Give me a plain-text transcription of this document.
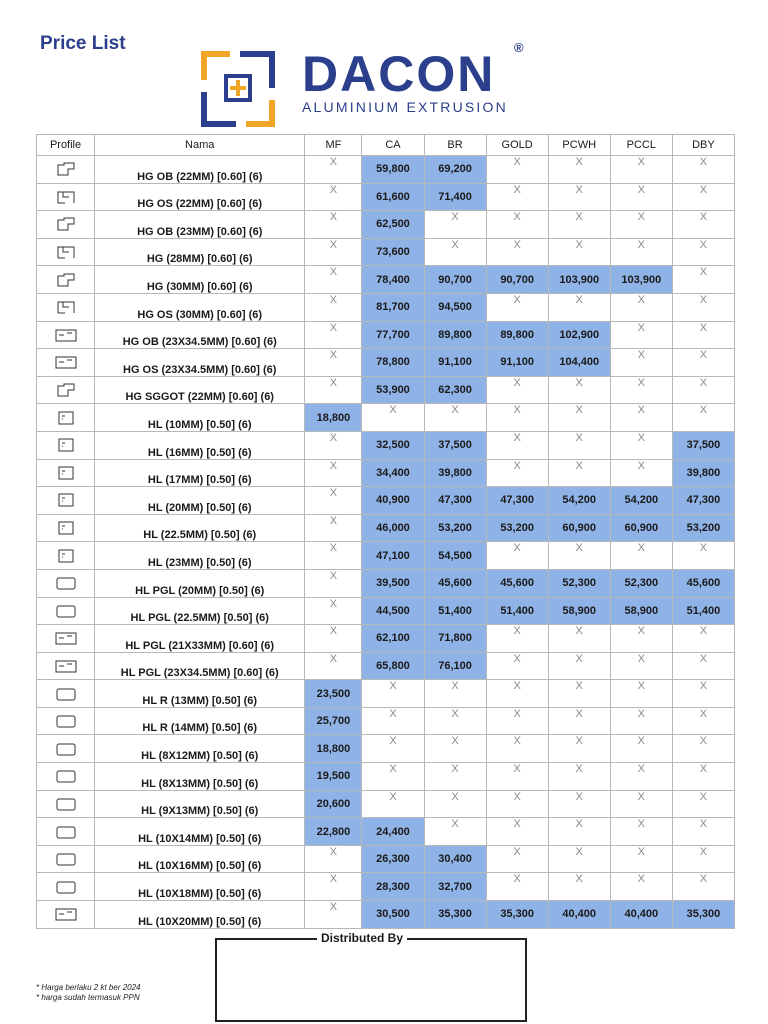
Price List
DACON ®
ALUMINIUM EXTRUSION
Profile	Nama	MF	CA	BR	GOLD	PCWH	PCCL	DBY
	HG OB (22MM) [0.60] (6)	X	59,800	69,200	X	X	X	X
	HG OS (22MM) [0.60] (6)	X	61,600	71,400	X	X	X	X
	HG OB (23MM) [0.60] (6)	X	62,500	X	X	X	X	X
	HG (28MM) [0.60] (6)	X	73,600	X	X	X	X	X
	HG (30MM) [0.60] (6)	X	78,400	90,700	90,700	103,900	103,900	X
	HG OS (30MM) [0.60] (6)	X	81,700	94,500	X	X	X	X
	HG OB (23X34.5MM) [0.60] (6)	X	77,700	89,800	89,800	102,900	X	X
	HG OS (23X34.5MM) [0.60] (6)	X	78,800	91,100	91,100	104,400	X	X
	HG SGGOT (22MM) [0.60] (6)	X	53,900	62,300	X	X	X	X
	HL (10MM) [0.50] (6)	18,800	X	X	X	X	X	X
	HL (16MM) [0.50] (6)	X	32,500	37,500	X	X	X	37,500
	HL (17MM) [0.50] (6)	X	34,400	39,800	X	X	X	39,800
	HL (20MM) [0.50] (6)	X	40,900	47,300	47,300	54,200	54,200	47,300
	HL (22.5MM) [0.50] (6)	X	46,000	53,200	53,200	60,900	60,900	53,200
	HL (23MM) [0.50] (6)	X	47,100	54,500	X	X	X	X
	HL PGL (20MM) [0.50] (6)	X	39,500	45,600	45,600	52,300	52,300	45,600
	HL PGL (22.5MM) [0.50] (6)	X	44,500	51,400	51,400	58,900	58,900	51,400
	HL PGL (21X33MM) [0.60] (6)	X	62,100	71,800	X	X	X	X
	HL PGL (23X34.5MM) [0.60] (6)	X	65,800	76,100	X	X	X	X
	HL R (13MM) [0.50] (6)	23,500	X	X	X	X	X	X
	HL R (14MM) [0.50] (6)	25,700	X	X	X	X	X	X
	HL (8X12MM) [0.50] (6)	18,800	X	X	X	X	X	X
	HL (8X13MM) [0.50] (6)	19,500	X	X	X	X	X	X
	HL (9X13MM) [0.50] (6)	20,600	X	X	X	X	X	X
	HL (10X14MM) [0.50] (6)	22,800	24,400	X	X	X	X	X
	HL (10X16MM) [0.50] (6)	X	26,300	30,400	X	X	X	X
	HL (10X18MM) [0.50] (6)	X	28,300	32,700	X	X	X	X
	HL (10X20MM) [0.50] (6)	X	30,500	35,300	35,300	40,400	40,400	35,300
Distributed By
* Harga berlaku 2 kt ber 2024
* harga sudah termasuk PPN
